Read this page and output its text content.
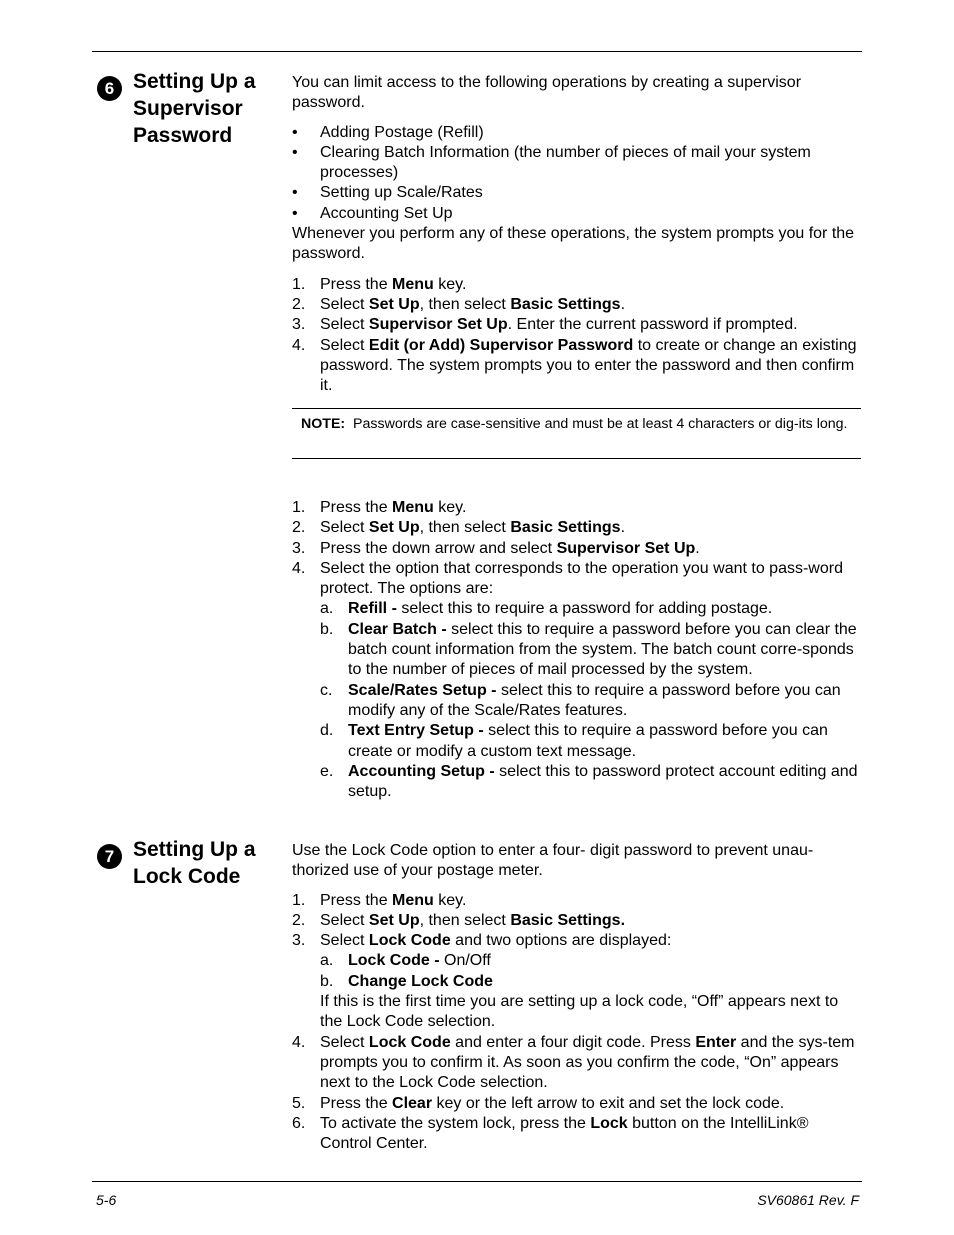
6 Setting Up a Supervisor Password

You can limit access to the following operations by creating a supervisor password.

• Adding Postage (Refill)
• Clearing Batch Information (the number of pieces of mail your system processes)
• Setting up Scale/Rates
• Accounting Set Up

Whenever you perform any of these operations, the system prompts you for the password.

1. Press the Menu key.
2. Select Set Up, then select Basic Settings.
3. Select Supervisor Set Up. Enter the current password if prompted.
4. Select Edit (or Add) Supervisor Password to create or change an existing password. The system prompts you to enter the password and then confirm it.
NOTE: Passwords are case-sensitive and must be at least 4 characters or dig-its long.
1. Press the Menu key.
2. Select Set Up, then select Basic Settings.
3. Press the down arrow and select Supervisor Set Up.
4. Select the option that corresponds to the operation you want to pass-word protect. The options are:
a. Refill - select this to require a password for adding postage.
b. Clear Batch - select this to require a password before you can clear the batch count information from the system. The batch count corre-sponds to the number of pieces of mail processed by the system.
c. Scale/Rates Setup - select this to require a password before you can modify any of the Scale/Rates features.
d. Text Entry Setup - select this to require a password before you can create or modify a custom text message.
e. Accounting Setup - select this to password protect account editing and setup.
7 Setting Up a Lock Code

Use the Lock Code option to enter a four- digit password to prevent unau-thorized use of your postage meter.

1. Press the Menu key.
2. Select Set Up, then select Basic Settings.
3. Select Lock Code and two options are displayed:
a. Lock Code - On/Off
b. Change Lock Code
If this is the first time you are setting up a lock code, “Off” appears next to the Lock Code selection.
4. Select Lock Code and enter a four digit code. Press Enter and the sys-tem prompts you to confirm it. As soon as you confirm the code, “On” appears next to the Lock Code selection.
5. Press the Clear key or the left arrow to exit and set the lock code.
6. To activate the system lock, press the Lock button on the IntelliLink® Control Center.
5-6	SV60861 Rev. F
